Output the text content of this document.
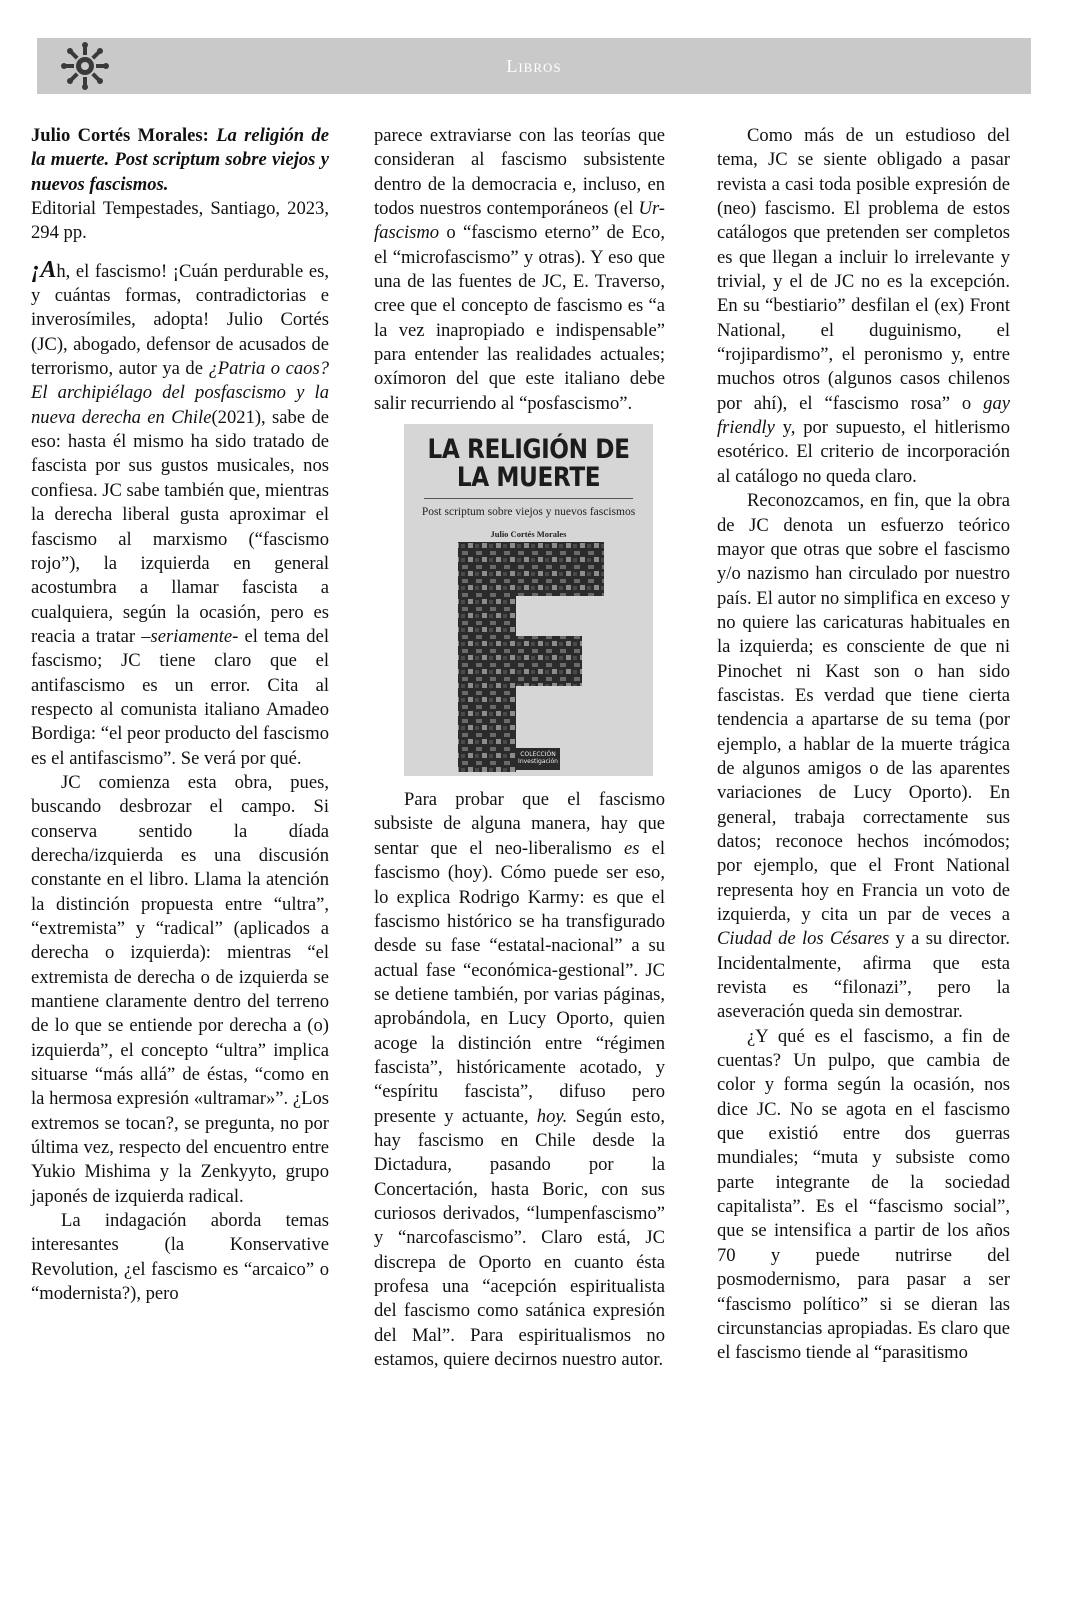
Libros

Julio Cortés Morales: La religión de la muerte. Post scriptum sobre viejos y nuevos fascismos.

Editorial Tempestades, Santiago, 2023, 294 pp.

¡Ah, el fascismo! ¡Cuán perdurable es, y cuántas formas, contradictorias e inverosímiles, adopta! Julio Cortés (JC), abogado, defensor de acusados de terrorismo, autor ya de ¿Patria o caos? El archipiélago del posfascismo y la nueva derecha en Chile(2021), sabe de eso: hasta él mismo ha sido tratado de fascista por sus gustos musicales, nos confiesa. JC sabe también que, mientras la derecha liberal gusta aproximar el fascismo al marxismo (“fascismo rojo”), la izquierda en general acostumbra a llamar fascista a cualquiera, según la ocasión, pero es reacia a tratar –seriamente- el tema del fascismo; JC tiene claro que el antifascismo es un error. Cita al respecto al comunista italiano Amadeo Bordiga: “el peor producto del fascismo es el antifascismo”. Se verá por qué.

JC comienza esta obra, pues, buscando desbrozar el campo. Si conserva sentido la díada derecha/izquierda es una discusión constante en el libro. Llama la atención la distinción propuesta entre “ultra”, “extremista” y “radical” (aplicados a derecha o izquierda): mientras “el extremista de derecha o de izquierda se mantiene claramente dentro del terreno de lo que se entiende por derecha a (o) izquierda”, el concepto “ultra” implica situarse “más allá” de éstas, “como en la hermosa expresión «ultramar»”. ¿Los extremos se tocan?, se pregunta, no por última vez, respecto del encuentro entre Yukio Mishima y la Zenkyyto, grupo japonés de izquierda radical.

La indagación aborda temas interesantes (la Konservative Revolution, ¿el fascismo es “arcaico” o “modernista?), pero

parece extraviarse con las teorías que consideran al fascismo subsistente dentro de la democracia e, incluso, en todos nuestros contemporáneos (el Ur-fascismo o “fascismo eterno” de Eco, el “microfascismo” y otras). Y eso que una de las fuentes de JC, E. Traverso, cree que el concepto de fascismo es “a la vez inapropiado e indispensable” para entender las realidades actuales; oxímoron del que este italiano debe salir recurriendo al “posfascismo”.

LA RELIGIÓN DE
LA MUERTE
Post scriptum sobre viejos y nuevos fascismos
Julio Cortés Morales
COLECCIÓN
Investigación

Para probar que el fascismo subsiste de alguna manera, hay que sentar que el neo-liberalismo es el fascismo (hoy). Cómo puede ser eso, lo explica Rodrigo Karmy: es que el fascismo histórico se ha transfigurado desde su fase “estatal-nacional” a su actual fase “económica-gestional”. JC se detiene también, por varias páginas, aprobándola, en Lucy Oporto, quien acoge la distinción entre “régimen fascista”, históricamente acotado, y “espíritu fascista”, difuso pero presente y actuante, hoy. Según esto, hay fascismo en Chile desde la Dictadura, pasando por la Concertación, hasta Boric, con sus curiosos derivados, “lumpenfascismo” y “narcofascismo”. Claro está, JC discrepa de Oporto en cuanto ésta profesa una “acepción espiritualista del fascismo como satánica expresión del Mal”. Para espiritualismos no estamos, quiere decirnos nuestro autor.

Como más de un estudioso del tema, JC se siente obligado a pasar revista a casi toda posible expresión de (neo) fascismo. El problema de estos catálogos que pretenden ser completos es que llegan a incluir lo irrelevante y trivial, y el de JC no es la excepción. En su “bestiario” desfilan el (ex) Front National, el duguinismo, el “rojipardismo”, el peronismo y, entre muchos otros (algunos casos chilenos por ahí), el “fascismo rosa” o gay friendly y, por supuesto, el hitlerismo esotérico. El criterio de incorporación al catálogo no queda claro.

Reconozcamos, en fin, que la obra de JC denota un esfuerzo teórico mayor que otras que sobre el fascismo y/o nazismo han circulado por nuestro país. El autor no simplifica en exceso y no quiere las caricaturas habituales en la izquierda; es consciente de que ni Pinochet ni Kast son o han sido fascistas. Es verdad que tiene cierta tendencia a apartarse de su tema (por ejemplo, a hablar de la muerte trágica de algunos amigos o de las aparentes variaciones de Lucy Oporto). En general, trabaja correctamente sus datos; reconoce hechos incómodos; por ejemplo, que el Front National representa hoy en Francia un voto de izquierda, y cita un par de veces a Ciudad de los Césares y a su director. Incidentalmente, afirma que esta revista es “filonazi”, pero la aseveración queda sin demostrar.

¿Y qué es el fascismo, a fin de cuentas? Un pulpo, que cambia de color y forma según la ocasión, nos dice JC. No se agota en el fascismo que existió entre dos guerras mundiales; “muta y subsiste como parte integrante de la sociedad capitalista”. Es el “fascismo social”, que se intensifica a partir de los años 70 y puede nutrirse del posmodernismo, para pasar a ser “fascismo político” si se dieran las circunstancias apropiadas. Es claro que el fascismo tiende al “parasitismo
